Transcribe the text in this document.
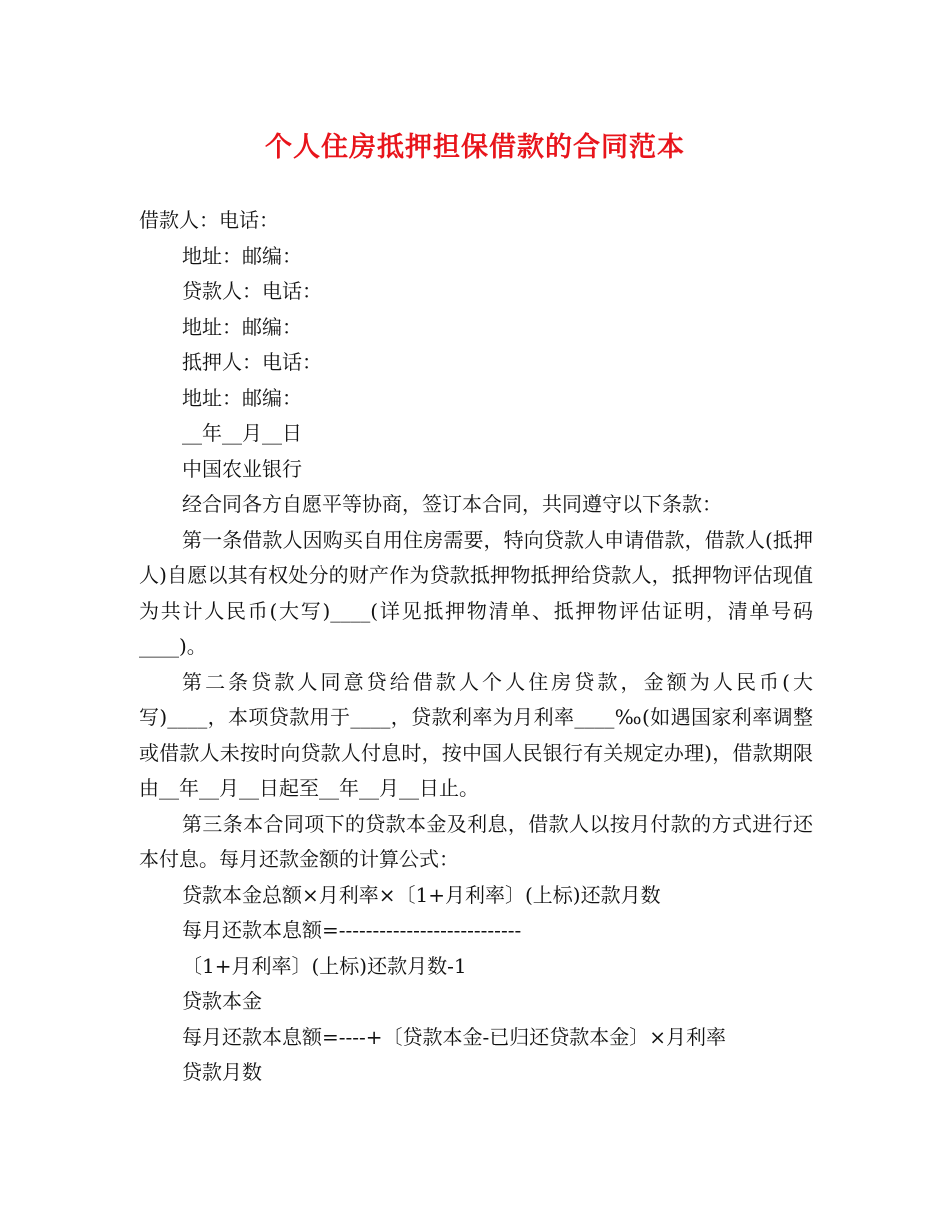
个人住房抵押担保借款的合同范本

借款人：电话：

地址：邮编：

贷款人：电话：

地址：邮编：

抵押人：电话：

地址：邮编：

__年__月__日

中国农业银行

经合同各方自愿平等协商，签订本合同，共同遵守以下条款：

第一条借款人因购买自用住房需要，特向贷款人申请借款，借款人(抵押人)自愿以其有权处分的财产作为贷款抵押物抵押给贷款人，抵押物评估现值为共计人民币(大写)____(详见抵押物清单、抵押物评估证明，清单号码____)。

第二条贷款人同意贷给借款人个人住房贷款，金额为人民币(大写)____，本项贷款用于____，贷款利率为月利率____‰(如遇国家利率调整或借款人未按时向贷款人付息时，按中国人民银行有关规定办理)，借款期限由__年__月__日起至__年__月__日止。

第三条本合同项下的贷款本金及利息，借款人以按月付款的方式进行还本付息。每月还款金额的计算公式：

贷款本金总额×月利率×〔1+月利率〕(上标)还款月数

每月还款本息额=---------------------------

〔1+月利率〕(上标)还款月数-1

贷款本金

每月还款本息额=----+〔贷款本金-已归还贷款本金〕×月利率

贷款月数
